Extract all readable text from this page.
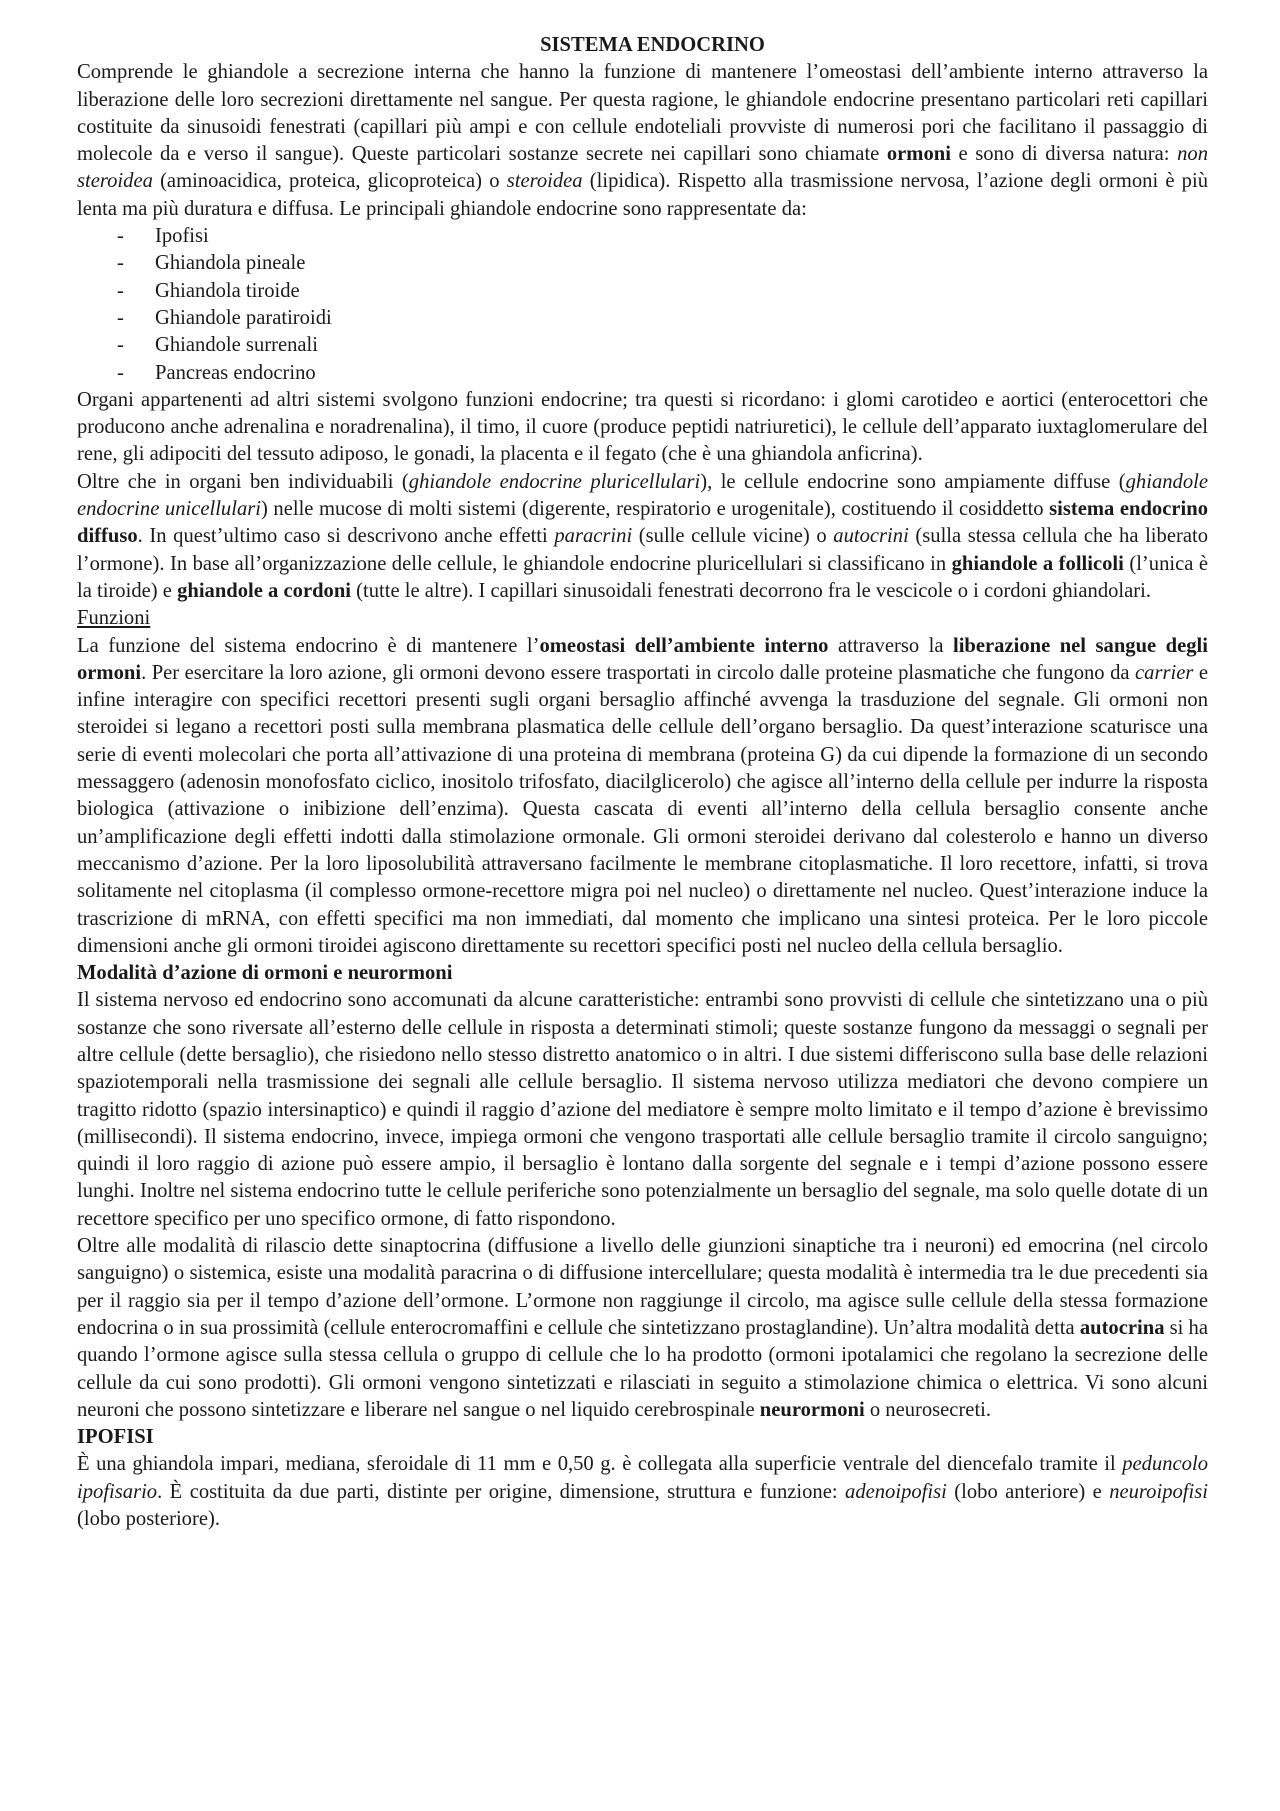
SISTEMA ENDOCRINO

Comprende le ghiandole a secrezione interna che hanno la funzione di mantenere l’omeostasi dell’ambiente interno attraverso la liberazione delle loro secrezioni direttamente nel sangue. Per questa ragione, le ghiandole endocrine presentano particolari reti capillari costituite da sinusoidi fenestrati (capillari più ampi e con cellule endoteliali provviste di numerosi pori che facilitano il passaggio di molecole da e verso il sangue). Queste particolari sostanze secrete nei capillari sono chiamate ormoni e sono di diversa natura: non steroidea (aminoacidica, proteica, glicoproteica) o steroidea (lipidica). Rispetto alla trasmissione nervosa, l’azione degli ormoni è più lenta ma più duratura e diffusa. Le principali ghiandole endocrine sono rappresentate da:

- Ipofisi
- Ghiandola pineale
- Ghiandola tiroide
- Ghiandole paratiroidi
- Ghiandole surrenali
- Pancreas endocrino

Organi appartenenti ad altri sistemi svolgono funzioni endocrine; tra questi si ricordano: i glomi carotideo e aortici (enterocettori che producono anche adrenalina e noradrenalina), il timo, il cuore (produce peptidi natriuretici), le cellule dell’apparato iuxtaglomerulare del rene, gli adipociti del tessuto adiposo, le gonadi, la placenta e il fegato (che è una ghiandola anficrina).

Oltre che in organi ben individuabili (ghiandole endocrine pluricellulari), le cellule endocrine sono ampiamente diffuse (ghiandole endocrine unicellulari) nelle mucose di molti sistemi (digerente, respiratorio e urogenitale), costituendo il cosiddetto sistema endocrino diffuso. In quest’ultimo caso si descrivono anche effetti paracrini (sulle cellule vicine) o autocrini (sulla stessa cellula che ha liberato l’ormone). In base all’organizzazione delle cellule, le ghiandole endocrine pluricellulari si classificano in ghiandole a follicoli (l’unica è la tiroide) e ghiandole a cordoni (tutte le altre). I capillari sinusoidali fenestrati decorrono fra le vescicole o i cordoni ghiandolari.

Funzioni

La funzione del sistema endocrino è di mantenere l’omeostasi dell’ambiente interno attraverso la liberazione nel sangue degli ormoni. Per esercitare la loro azione, gli ormoni devono essere trasportati in circolo dalle proteine plasmatiche che fungono da carrier e infine interagire con specifici recettori presenti sugli organi bersaglio affinché avvenga la trasduzione del segnale. Gli ormoni non steroidei si legano a recettori posti sulla membrana plasmatica delle cellule dell’organo bersaglio. Da quest’interazione scaturisce una serie di eventi molecolari che porta all’attivazione di una proteina di membrana (proteina G) da cui dipende la formazione di un secondo messaggero (adenosin monofosfato ciclico, inositolo trifosfato, diacilglicerolo) che agisce all’interno della cellule per indurre la risposta biologica (attivazione o inibizione dell’enzima). Questa cascata di eventi all’interno della cellula bersaglio consente anche un’amplificazione degli effetti indotti dalla stimolazione ormonale. Gli ormoni steroidei derivano dal colesterolo e hanno un diverso meccanismo d’azione. Per la loro liposolubilità attraversano facilmente le membrane citoplasmatiche. Il loro recettore, infatti, si trova solitamente nel citoplasma (il complesso ormone-recettore migra poi nel nucleo) o direttamente nel nucleo. Quest’interazione induce la trascrizione di mRNA, con effetti specifici ma non immediati, dal momento che implicano una sintesi proteica. Per le loro piccole dimensioni anche gli ormoni tiroidei agiscono direttamente su recettori specifici posti nel nucleo della cellula bersaglio.

Modalità d’azione di ormoni e neurormoni

Il sistema nervoso ed endocrino sono accomunati da alcune caratteristiche: entrambi sono provvisti di cellule che sintetizzano una o più sostanze che sono riversate all’esterno delle cellule in risposta a determinati stimoli; queste sostanze fungono da messaggi o segnali per altre cellule (dette bersaglio), che risiedono nello stesso distretto anatomico o in altri. I due sistemi differiscono sulla base delle relazioni spaziotemporali nella trasmissione dei segnali alle cellule bersaglio. Il sistema nervoso utilizza mediatori che devono compiere un tragitto ridotto (spazio intersinaptico) e quindi il raggio d’azione del mediatore è sempre molto limitato e il tempo d’azione è brevissimo (millisecondi). Il sistema endocrino, invece, impiega ormoni che vengono trasportati alle cellule bersaglio tramite il circolo sanguigno; quindi il loro raggio di azione può essere ampio, il bersaglio è lontano dalla sorgente del segnale e i tempi d’azione possono essere lunghi. Inoltre nel sistema endocrino tutte le cellule periferiche sono potenzialmente un bersaglio del segnale, ma solo quelle dotate di un recettore specifico per uno specifico ormone, di fatto rispondono.

Oltre alle modalità di rilascio dette sinaptocrina (diffusione a livello delle giunzioni sinaptiche tra i neuroni) ed emocrina (nel circolo sanguigno) o sistemica, esiste una modalità paracrina o di diffusione intercellulare; questa modalità è intermedia tra le due precedenti sia per il raggio sia per il tempo d’azione dell’ormone. L’ormone non raggiunge il circolo, ma agisce sulle cellule della stessa formazione endocrina o in sua prossimità (cellule enterocromaffini e cellule che sintetizzano prostaglandine). Un’altra modalità detta autocrina si ha quando l’ormone agisce sulla stessa cellula o gruppo di cellule che lo ha prodotto (ormoni ipotalamici che regolano la secrezione delle cellule da cui sono prodotti). Gli ormoni vengono sintetizzati e rilasciati in seguito a stimolazione chimica o elettrica. Vi sono alcuni neuroni che possono sintetizzare e liberare nel sangue o nel liquido cerebrospinale neurormoni o neurosecreti.

IPOFISI

È una ghiandola impari, mediana, sferoidale di 11 mm e 0,50 g. è collegata alla superficie ventrale del diencefalo tramite il peduncolo ipofisario. È costituita da due parti, distinte per origine, dimensione, struttura e funzione: adenoipofisi (lobo anteriore) e neuroipofisi (lobo posteriore).
